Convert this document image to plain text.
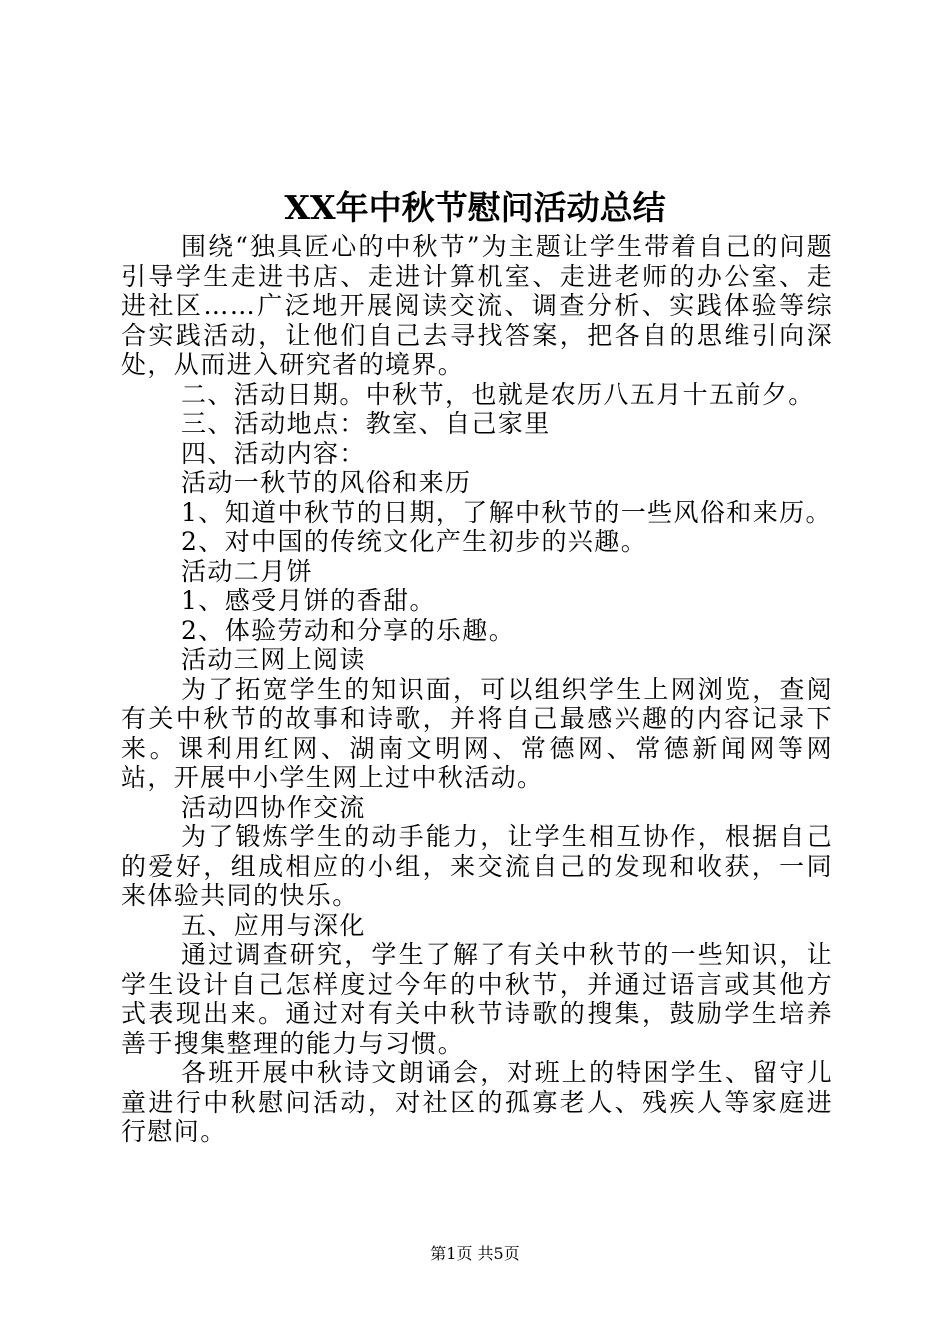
XX年中秋节慰问活动总结

围绕“独具匠心的中秋节”为主题让学生带着自己的问题引导学生走进书店、走进计算机室、走进老师的办公室、走进社区……广泛地开展阅读交流、调查分析、实践体验等综合实践活动，让他们自己去寻找答案，把各自的思维引向深处，从而进入研究者的境界。

二、活动日期。中秋节，也就是农历八五月十五前夕。

三、活动地点：教室、自己家里

四、活动内容：

活动一秋节的风俗和来历

1、知道中秋节的日期，了解中秋节的一些风俗和来历。

2、对中国的传统文化产生初步的兴趣。

活动二月饼

1、感受月饼的香甜。

2、体验劳动和分享的乐趣。

活动三网上阅读

为了拓宽学生的知识面，可以组织学生上网浏览，查阅有关中秋节的故事和诗歌，并将自己最感兴趣的内容记录下来。课利用红网、湖南文明网、常德网、常德新闻网等网站，开展中小学生网上过中秋活动。

活动四协作交流

为了锻炼学生的动手能力，让学生相互协作，根据自己的爱好，组成相应的小组，来交流自己的发现和收获，一同来体验共同的快乐。

五、应用与深化

通过调查研究，学生了解了有关中秋节的一些知识，让学生设计自己怎样度过今年的中秋节，并通过语言或其他方式表现出来。通过对有关中秋节诗歌的搜集，鼓励学生培养善于搜集整理的能力与习惯。

各班开展中秋诗文朗诵会，对班上的特困学生、留守儿童进行中秋慰问活动，对社区的孤寡老人、残疾人等家庭进行慰问。

第1页 共5页
